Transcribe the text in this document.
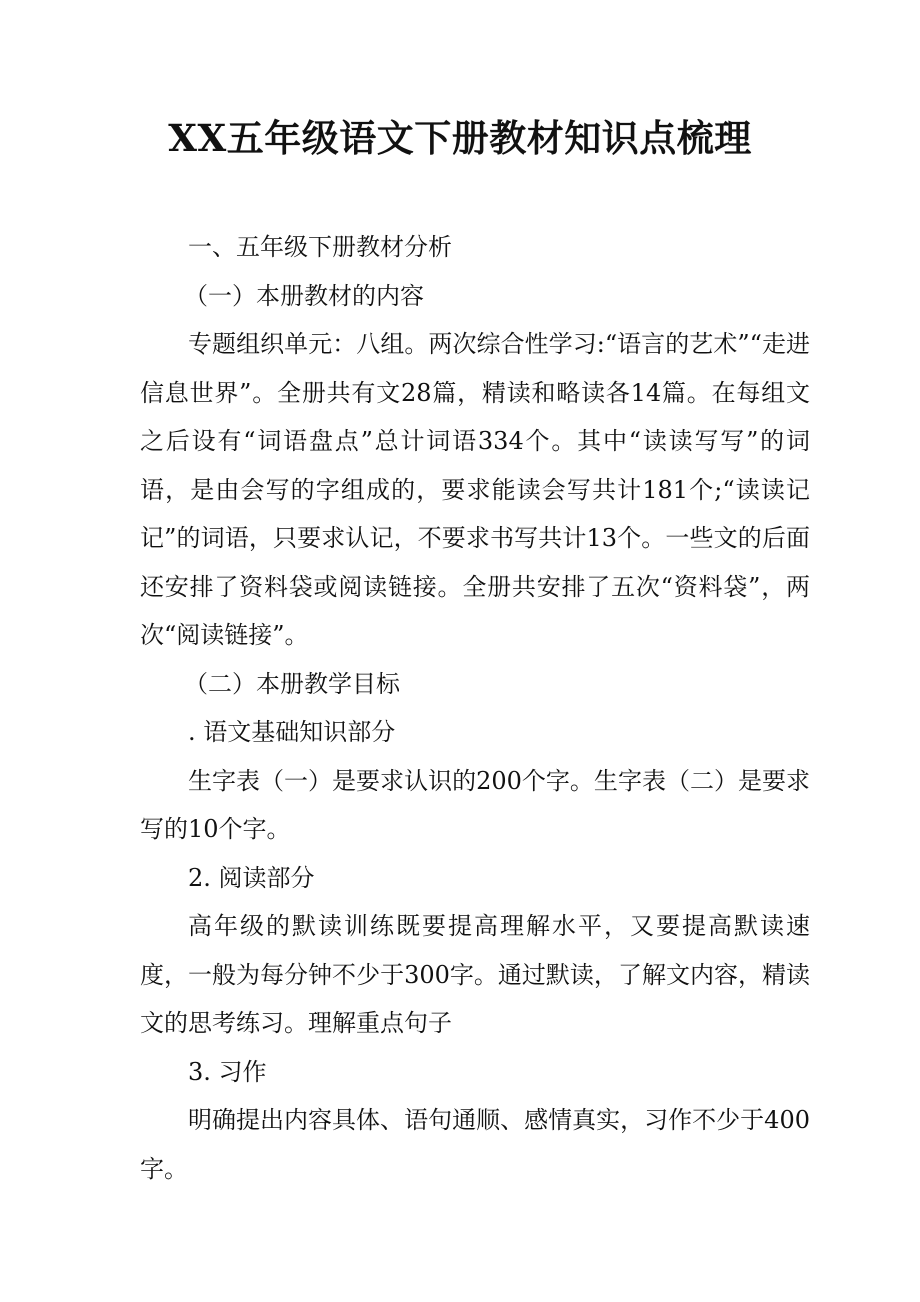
XX五年级语文下册教材知识点梳理

一、五年级下册教材分析

（一）本册教材的内容

专题组织单元：八组。两次综合性学习:“语言的艺术”“走进信息世界”。全册共有文28篇，精读和略读各14篇。在每组文之后设有“词语盘点”总计词语334个。其中“读读写写”的词语，是由会写的字组成的，要求能读会写共计181个;“读读记记”的词语，只要求认记，不要求书写共计13个。一些文的后面还安排了资料袋或阅读链接。全册共安排了五次“资料袋”，两次“阅读链接”。

（二）本册教学目标

. 语文基础知识部分

生字表（一）是要求认识的200个字。生字表（二）是要求写的10个字。

2. 阅读部分

高年级的默读训练既要提高理解水平，又要提高默读速度，一般为每分钟不少于300字。通过默读，了解文内容，精读文的思考练习。理解重点句子

3. 习作

明确提出内容具体、语句通顺、感情真实，习作不少于400字。
